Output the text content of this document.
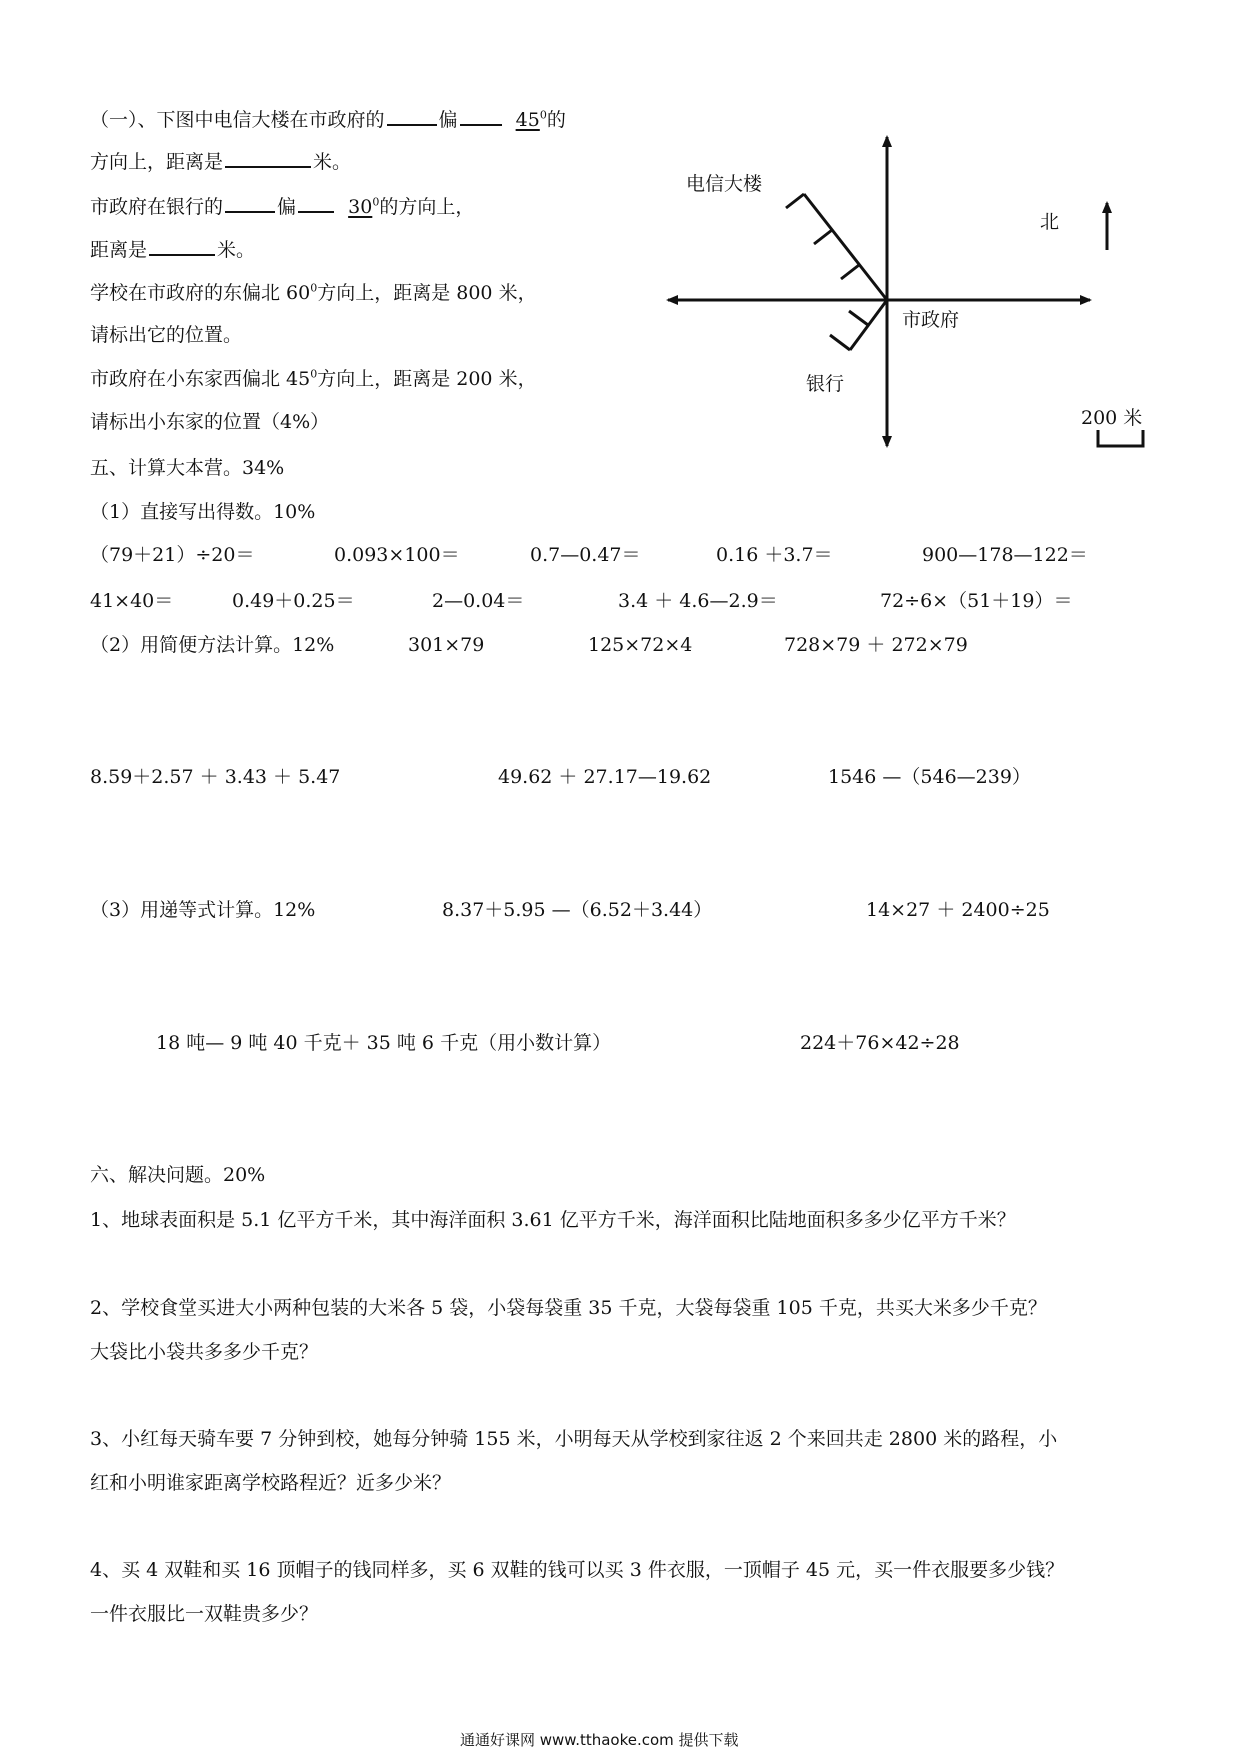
（一）、下图中电信大楼在市政府的	偏	$45^0$的
方向上，距离是	米。
市政府在银行的	偏	$30^0$的方向上，
距离是	米。
学校在市政府的东偏北 $60^0$方向上，距离是 800 米，
请标出它的位置。
市政府在小东家西偏北 $45^0$方向上，距离是 200 米，
请标出小东家的位置（4%）
电信大楼
北
市政府
银行
200 米
五、计算大本营。34%
（1）直接写出得数。10%
（79＋21）÷20＝	0.093×100＝	0.7—0.47＝	0.16 ＋3.7＝	900—178—122＝
41×40＝	0.49＋0.25＝	2—0.04＝	3.4 ＋ 4.6—2.9＝	72÷6×（51＋19）＝
（2）用简便方法计算。12%	301×79	125×72×4	728×79 ＋ 272×79
8.59＋2.57 ＋ 3.43 ＋ 5.47	49.62 ＋ 27.17—19.62	1546 —（546—239）
（3）用递等式计算。12%	8.37＋5.95 —（6.52＋3.44）	14×27 ＋ 2400÷25
18 吨— 9 吨 40 千克＋ 35 吨 6 千克（用小数计算）	224＋76×42÷28
六、解决问题。20%
1、地球表面积是 5.1 亿平方千米，其中海洋面积 3.61 亿平方千米，海洋面积比陆地面积多多少亿平方千米？
2、学校食堂买进大小两种包装的大米各 5 袋，小袋每袋重 35 千克，大袋每袋重 105 千克，共买大米多少千克？
大袋比小袋共多多少千克？
3、小红每天骑车要 7 分钟到校，她每分钟骑 155 米，小明每天从学校到家往返 2 个来回共走 2800 米的路程，小
红和小明谁家距离学校路程近？近多少米？
4、买 4 双鞋和买 16 顶帽子的钱同样多，买 6 双鞋的钱可以买 3 件衣服，一顶帽子 45 元，买一件衣服要多少钱？
一件衣服比一双鞋贵多少？
通通好课网 www.tthaoke.com 提供下载
